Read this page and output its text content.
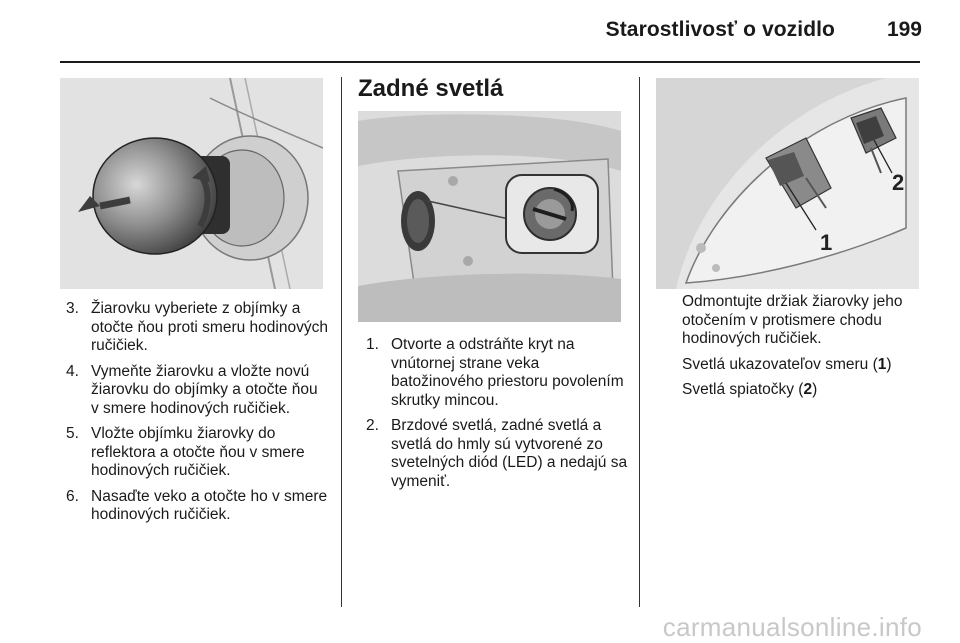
Starostlivosť o vozidlo	199
3. Žiarovku vyberiete z objímky a otočte ňou proti smeru hodinových ručičiek.
4. Vymeňte žiarovku a vložte novú žiarovku do objímky a otočte ňou v smere hodinových ručičiek.
5. Vložte objímku žiarovky do reflektora a otočte ňou v smere hodinových ručičiek.
6. Nasaďte veko a otočte ho v smere hodinových ručičiek.
Zadné svetlá
1. Otvorte a odstráňte kryt na vnútornej strane veka batožinového priestoru povolením skrutky mincou.
2. Brzdové svetlá, zadné svetlá a svetlá do hmly sú vytvorené zo svetelných diód (LED) a nedajú sa vymeniť.
1
2

Odmontujte držiak žiarovky jeho otočením v protismere chodu hodinových ručičiek.

Svetlá ukazovateľov smeru (1)

Svetlá spiatočky (2)

carmanualsonline.info
